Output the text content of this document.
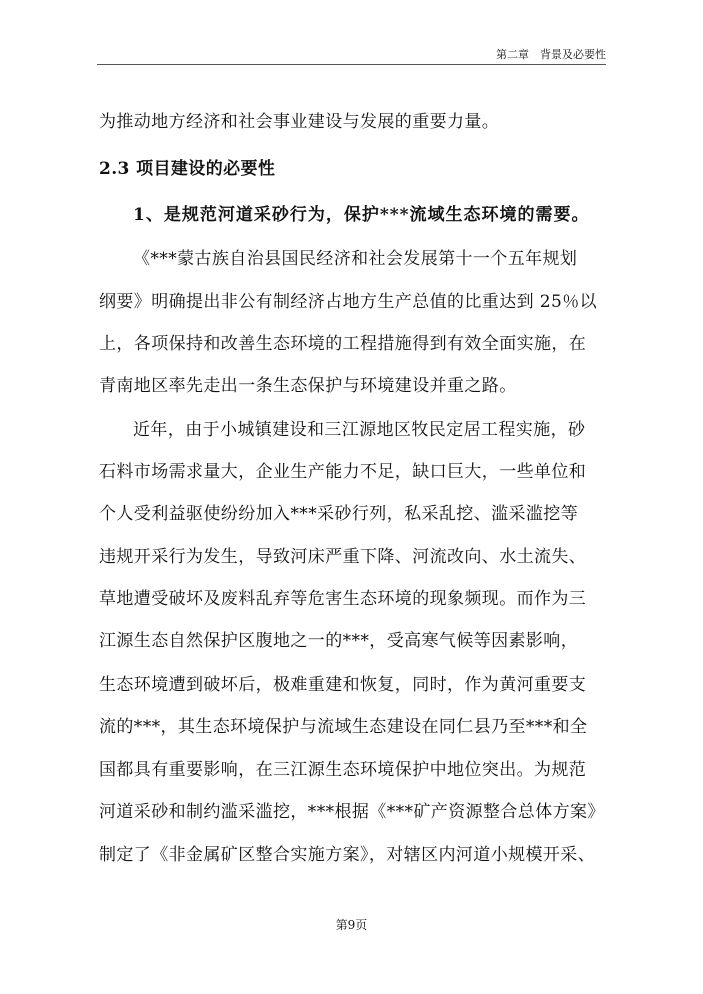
第二章　背景及必要性
为推动地方经济和社会事业建设与发展的重要力量。
2.3 项目建设的必要性
1、是规范河道采砂行为，保护***流域生态环境的需要。
《***蒙古族自治县国民经济和社会发展第十一个五年规划
纲要》明确提出非公有制经济占地方生产总值的比重达到 25％以
上，各项保持和改善生态环境的工程措施得到有效全面实施，在
青南地区率先走出一条生态保护与环境建设并重之路。
近年，由于小城镇建设和三江源地区牧民定居工程实施，砂
石料市场需求量大，企业生产能力不足，缺口巨大，一些单位和
个人受利益驱使纷纷加入***采砂行列，私采乱挖、滥采滥挖等
违规开采行为发生，导致河床严重下降、河流改向、水土流失、
草地遭受破坏及废料乱弃等危害生态环境的现象频现。而作为三
江源生态自然保护区腹地之一的***，受高寒气候等因素影响，
生态环境遭到破坏后，极难重建和恢复，同时，作为黄河重要支
流的***，其生态环境保护与流域生态建设在同仁县乃至***和全
国都具有重要影响，在三江源生态环境保护中地位突出。为规范
河道采砂和制约滥采滥挖，***根据《***矿产资源整合总体方案》
制定了《非金属矿区整合实施方案》，对辖区内河道小规模开采、
第9页
